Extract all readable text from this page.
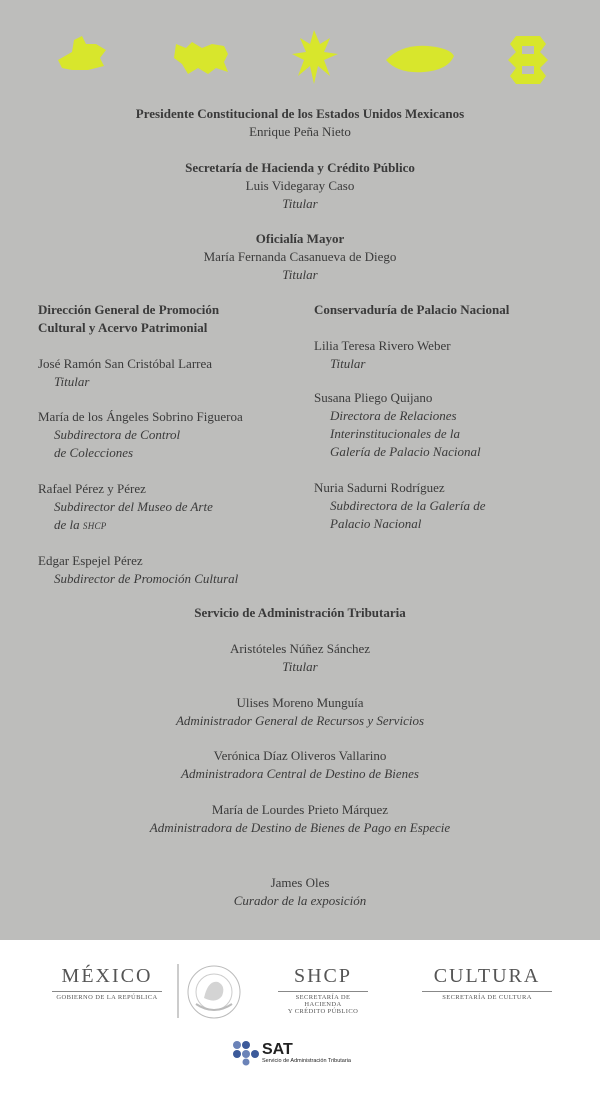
Presidente Constitucional de los Estados Unidos Mexicanos
Enrique Peña Nieto
Secretaría de Hacienda y Crédito Público
Luis Videgaray Caso
Titular
Oficialía Mayor
María Fernanda Casanueva de Diego
Titular
Dirección General de Promoción
Cultural y Acervo Patrimonial
José Ramón San Cristóbal Larrea
Titular
María de los Ángeles Sobrino Figueroa
Subdirectora de Control
de Colecciones
Rafael Pérez y Pérez
Subdirector del Museo de Arte
de la SHCP
Edgar Espejel Pérez
Subdirector de Promoción Cultural
Conservaduría de Palacio Nacional
Lilia Teresa Rivero Weber
Titular
Susana Pliego Quijano
Directora de Relaciones
Interinstitucionales de la
Galería de Palacio Nacional
Nuria Sadurni Rodríguez
Subdirectora de la Galería de
Palacio Nacional
Servicio de Administración Tributaria
Aristóteles Núñez Sánchez
Titular
Ulises Moreno Munguía
Administrador General de Recursos y Servicios
Verónica Díaz Oliveros Vallarino
Administradora Central de Destino de Bienes
María de Lourdes Prieto Márquez
Administradora de Destino de Bienes de Pago en Especie
James Oles
Curador de la exposición
MÉXICO
GOBIERNO DE LA REPÚBLICA
SHCP
SECRETARÍA DE HACIENDA
Y CRÉDITO PÚBLICO
CULTURA
SECRETARÍA DE CULTURA
SAT
Servicio de Administración Tributaria
